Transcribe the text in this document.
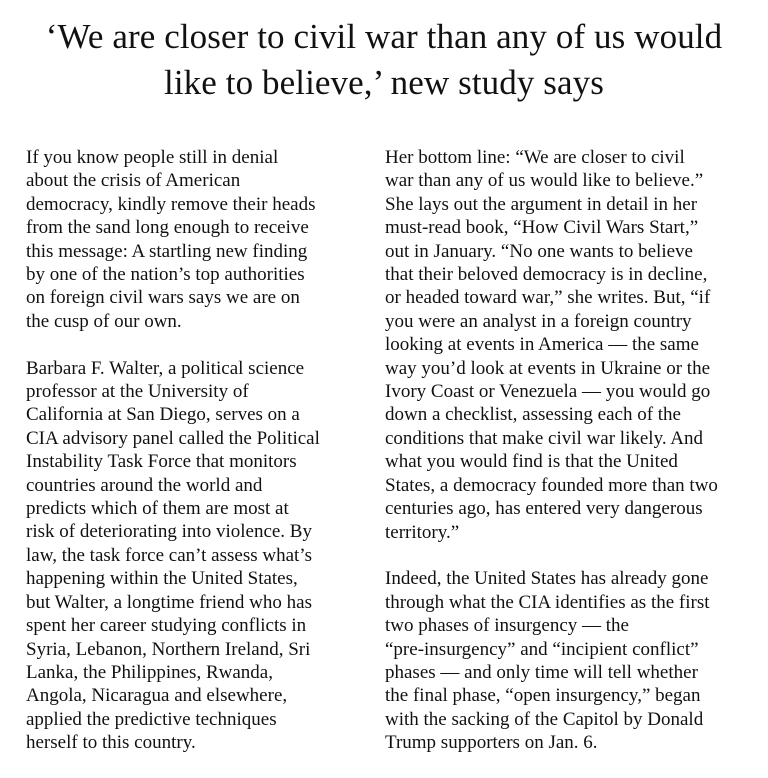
‘We are closer to civil war than any of us would
like to believe,’ new study says

If you know people still in denial
about the crisis of American
democracy, kindly remove their heads
from the sand long enough to receive
this message: A startling new finding
by one of the nation’s top authorities
on foreign civil wars says we are on
the cusp of our own.

Barbara F. Walter, a political science
professor at the University of
California at San Diego, serves on a
CIA advisory panel called the Political
Instability Task Force that monitors
countries around the world and
predicts which of them are most at
risk of deteriorating into violence. By
law, the task force can’t assess what’s
happening within the United States,
but Walter, a longtime friend who has
spent her career studying conflicts in
Syria, Lebanon, Northern Ireland, Sri
Lanka, the Philippines, Rwanda,
Angola, Nicaragua and elsewhere,
applied the predictive techniques
herself to this country.

Her bottom line: “We are closer to civil
war than any of us would like to believe.”
She lays out the argument in detail in her
must-read book, “How Civil Wars Start,”
out in January. “No one wants to believe
that their beloved democracy is in decline,
or headed toward war,” she writes. But, “if
you were an analyst in a foreign country
looking at events in America — the same
way you’d look at events in Ukraine or the
Ivory Coast or Venezuela — you would go
down a checklist, assessing each of the
conditions that make civil war likely. And
what you would find is that the United
States, a democracy founded more than two
centuries ago, has entered very dangerous
territory.”

Indeed, the United States has already gone
through what the CIA identifies as the first
two phases of insurgency — the
“pre-insurgency” and “incipient conflict”
phases — and only time will tell whether
the final phase, “open insurgency,” began
with the sacking of the Capitol by Donald
Trump supporters on Jan. 6.
